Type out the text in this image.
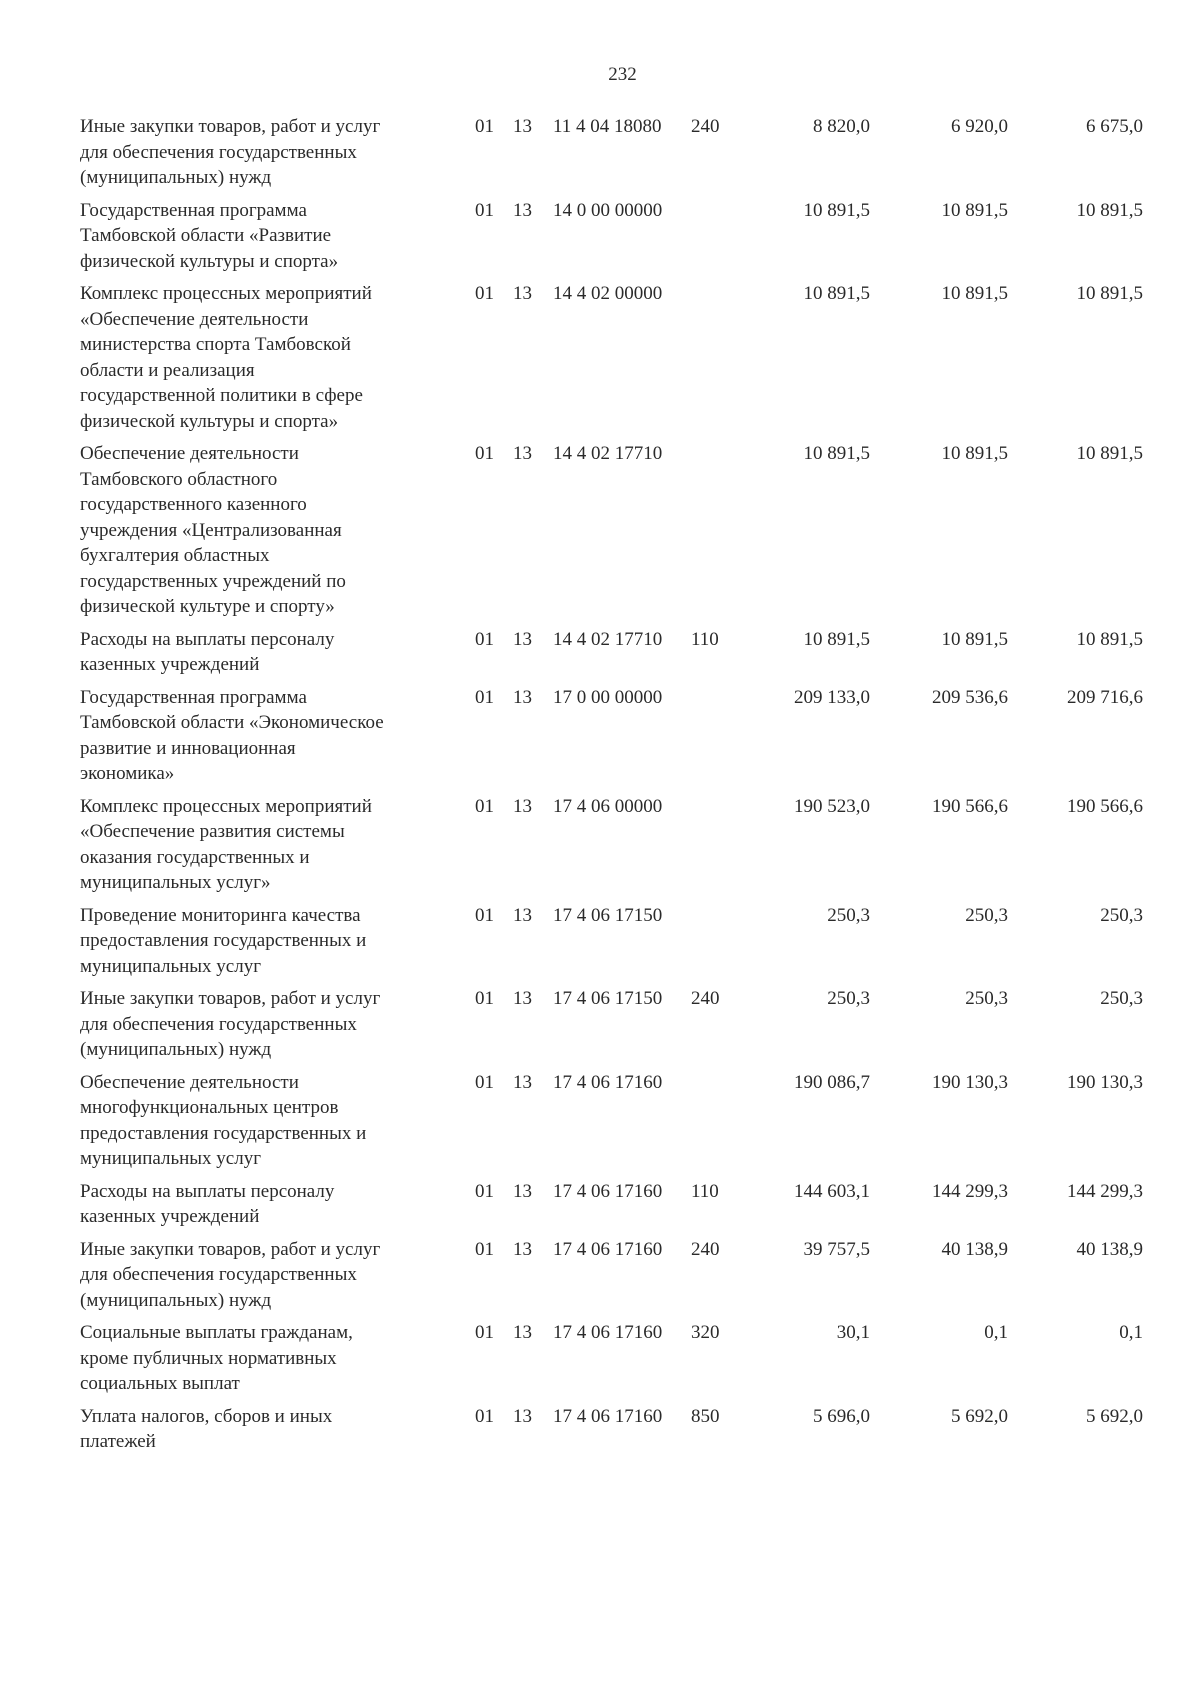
232
Иные закупки товаров, работ и услуг
для обеспечения государственных
(муниципальных) нужд
01	13	11 4 04 18080	240	8 820,0	6 920,0	6 675,0
Государственная программа
Тамбовской области «Развитие
физической культуры и спорта»
01	13	14 0 00 00000	10 891,5	10 891,5	10 891,5
Комплекс процессных мероприятий
«Обеспечение деятельности
министерства спорта Тамбовской
области и реализация
государственной политики в сфере
физической культуры и спорта»
01	13	14 4 02 00000	10 891,5	10 891,5	10 891,5
Обеспечение деятельности
Тамбовского областного
государственного казенного
учреждения «Централизованная
бухгалтерия областных
государственных учреждений по
физической культуре и спорту»
01	13	14 4 02 17710	10 891,5	10 891,5	10 891,5
Расходы на выплаты персоналу
казенных учреждений
01	13	14 4 02 17710	110	10 891,5	10 891,5	10 891,5
Государственная программа
Тамбовской области «Экономическое
развитие и инновационная
экономика»
01	13	17 0 00 00000	209 133,0	209 536,6	209 716,6
Комплекс процессных мероприятий
«Обеспечение развития системы
оказания государственных и
муниципальных услуг»
01	13	17 4 06 00000	190 523,0	190 566,6	190 566,6
Проведение мониторинга качества
предоставления государственных и
муниципальных услуг
01	13	17 4 06 17150	250,3	250,3	250,3
Иные закупки товаров, работ и услуг
для обеспечения государственных
(муниципальных) нужд
01	13	17 4 06 17150	240	250,3	250,3	250,3
Обеспечение деятельности
многофункциональных центров
предоставления государственных и
муниципальных услуг
01	13	17 4 06 17160	190 086,7	190 130,3	190 130,3
Расходы на выплаты персоналу
казенных учреждений
01	13	17 4 06 17160	110	144 603,1	144 299,3	144 299,3
Иные закупки товаров, работ и услуг
для обеспечения государственных
(муниципальных) нужд
01	13	17 4 06 17160	240	39 757,5	40 138,9	40 138,9
Социальные выплаты гражданам,
кроме публичных нормативных
социальных выплат
01	13	17 4 06 17160	320	30,1	0,1	0,1
Уплата налогов, сборов и иных
платежей
01	13	17 4 06 17160	850	5 696,0	5 692,0	5 692,0
